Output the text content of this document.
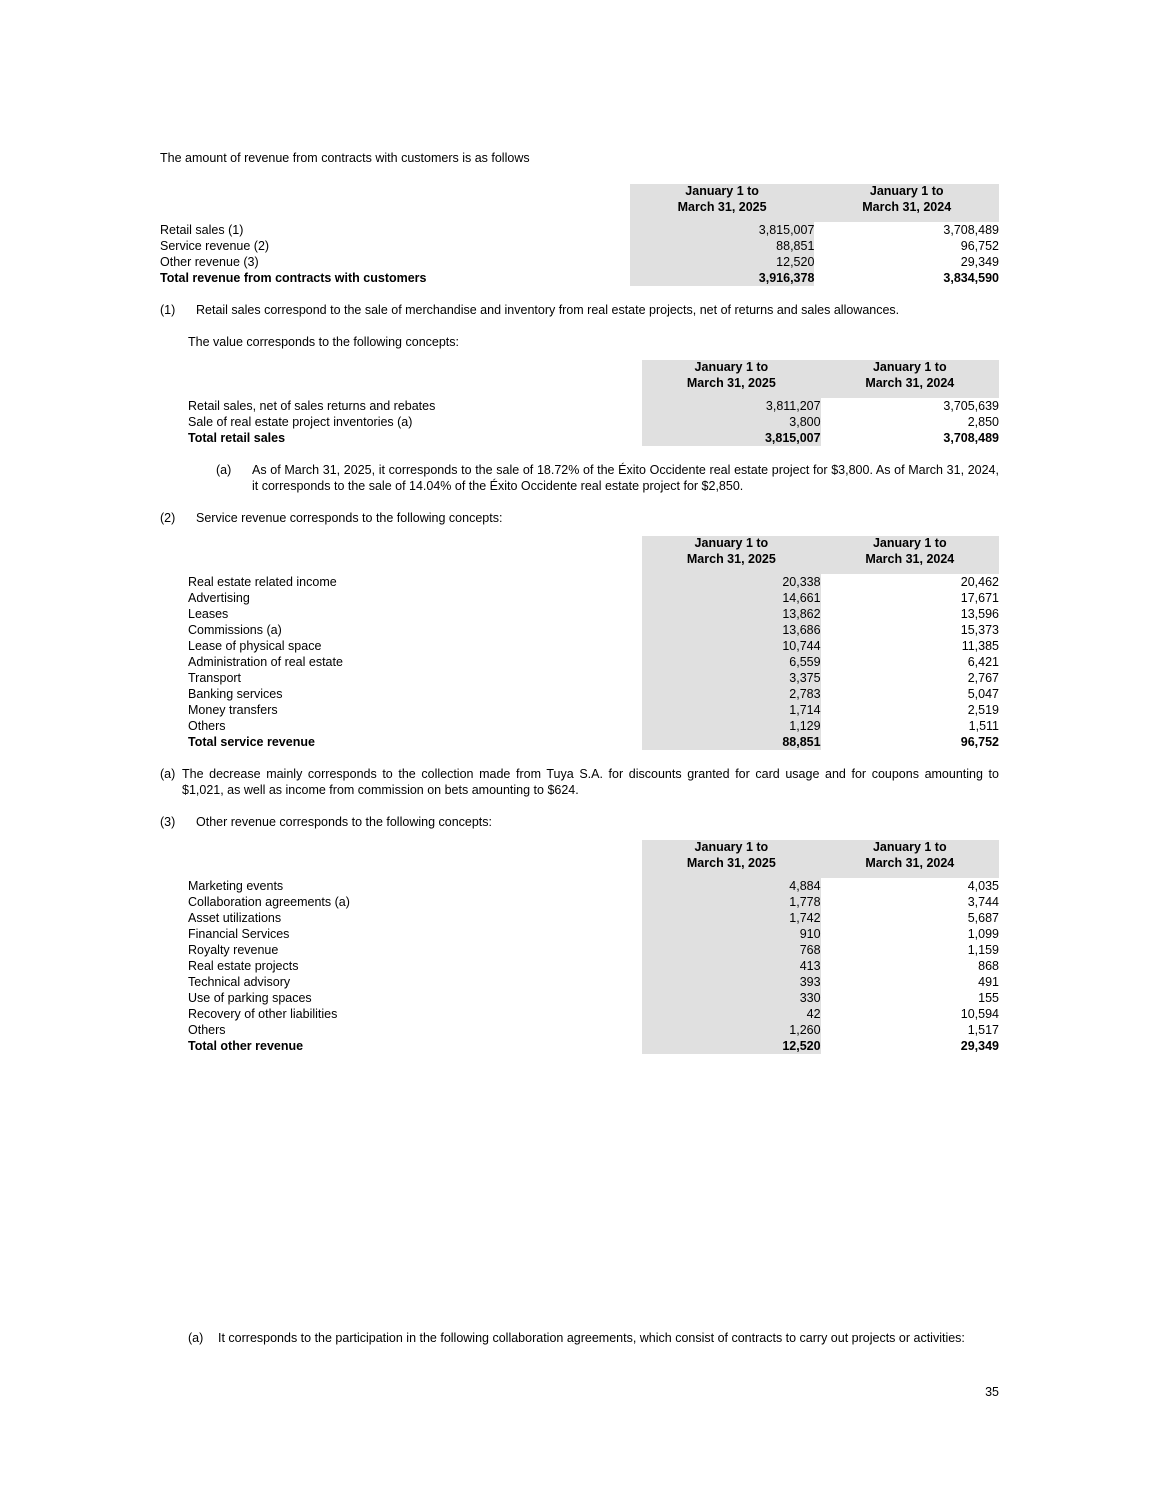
The amount of revenue from contracts with customers is as follows

	January 1 to	January 1 to
	March 31, 2025	March 31, 2024
Retail sales (1)	3,815,007	3,708,489
Service revenue (2)	88,851	96,752
Other revenue (3)	12,520	29,349
Total revenue from contracts with customers	3,916,378	3,834,590
(1)	Retail sales correspond to the sale of merchandise and inventory from real estate projects, net of returns and sales allowances.
The value corresponds to the following concepts:
	January 1 to	January 1 to
	March 31, 2025	March 31, 2024
Retail sales, net of sales returns and rebates	3,811,207	3,705,639
Sale of real estate project inventories (a)	3,800	2,850
Total retail sales	3,815,007	3,708,489
(a)	As of March 31, 2025, it corresponds to the sale of 18.72% of the Éxito Occidente real estate project for $3,800. As of March 31, 2024, it corresponds to the sale of 14.04% of the Éxito Occidente real estate project for $2,850.
(2)	Service revenue corresponds to the following concepts:
	January 1 to	January 1 to
	March 31, 2025	March 31, 2024
Real estate related income	20,338	20,462
Advertising	14,661	17,671
Leases	13,862	13,596
Commissions (a)	13,686	15,373
Lease of physical space	10,744	11,385
Administration of real estate	6,559	6,421
Transport	3,375	2,767
Banking services	2,783	5,047
Money transfers	1,714	2,519
Others	1,129	1,511
Total service revenue	88,851	96,752
(a) The decrease mainly corresponds to the collection made from Tuya S.A. for discounts granted for card usage and for coupons amounting to $1,021, as well as income from commission on bets amounting to $624.
(3)	Other revenue corresponds to the following concepts:
	January 1 to	January 1 to
	March 31, 2025	March 31, 2024
Marketing events	4,884	4,035
Collaboration agreements (a)	1,778	3,744
Asset utilizations	1,742	5,687
Financial Services	910	1,099
Royalty revenue	768	1,159
Real estate projects	413	868
Technical advisory	393	491
Use of parking spaces	330	155
Recovery of other liabilities	42	10,594
Others	1,260	1,517
Total other revenue	12,520	29,349
(a)	It corresponds to the participation in the following collaboration agreements, which consist of contracts to carry out projects or activities:
35
